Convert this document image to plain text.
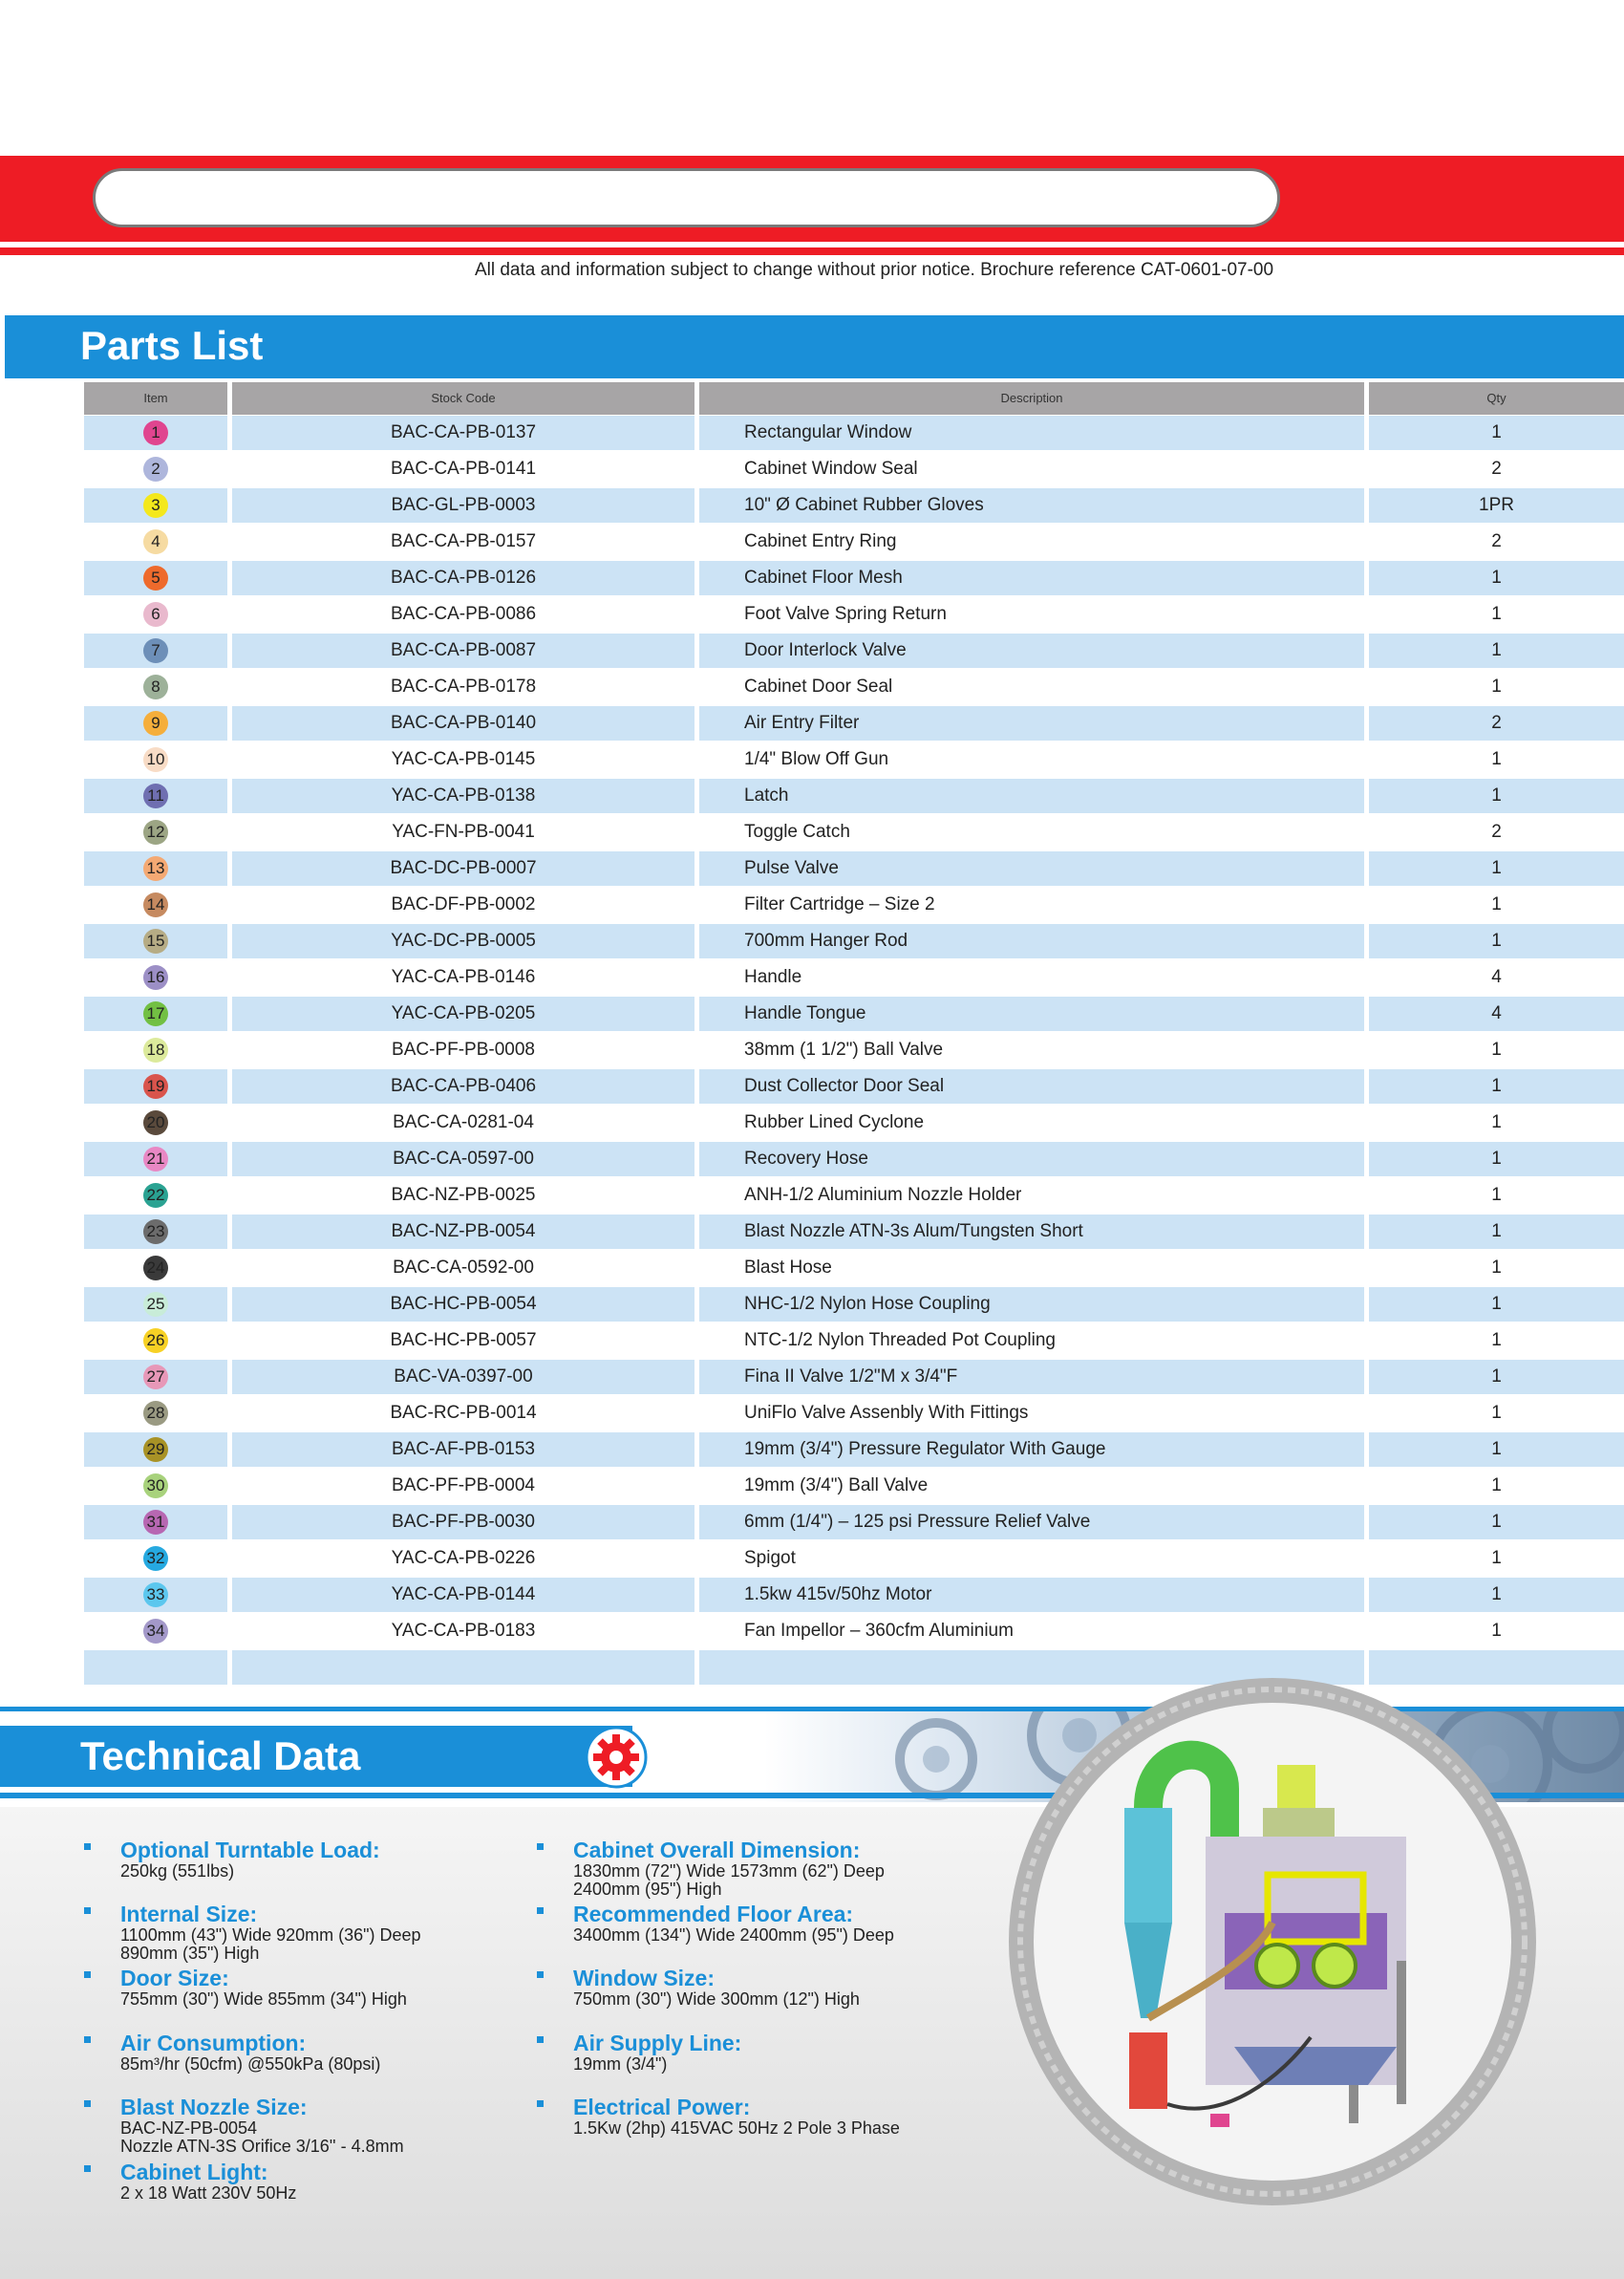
All data and information subject to change without prior notice. Brochure reference CAT-0601-07-00
Parts List
Item	Stock Code	Description	Qty
1	BAC-CA-PB-0137	Rectangular Window	1
2	BAC-CA-PB-0141	Cabinet Window Seal	2
3	BAC-GL-PB-0003	10" Ø Cabinet Rubber Gloves	1PR
4	BAC-CA-PB-0157	Cabinet Entry Ring	2
5	BAC-CA-PB-0126	Cabinet Floor Mesh	1
6	BAC-CA-PB-0086	Foot Valve Spring Return	1
7	BAC-CA-PB-0087	Door Interlock Valve	1
8	BAC-CA-PB-0178	Cabinet Door Seal	1
9	BAC-CA-PB-0140	Air Entry Filter	2
10	YAC-CA-PB-0145	1/4" Blow Off Gun	1
11	YAC-CA-PB-0138	Latch	1
12	YAC-FN-PB-0041	Toggle Catch	2
13	BAC-DC-PB-0007	Pulse Valve	1
14	BAC-DF-PB-0002	Filter Cartridge – Size 2	1
15	YAC-DC-PB-0005	700mm Hanger Rod	1
16	YAC-CA-PB-0146	Handle	4
17	YAC-CA-PB-0205	Handle Tongue	4
18	BAC-PF-PB-0008	38mm (1 1/2") Ball Valve	1
19	BAC-CA-PB-0406	Dust Collector Door Seal	1
20	BAC-CA-0281-04	Rubber Lined Cyclone	1
21	BAC-CA-0597-00	Recovery Hose	1
22	BAC-NZ-PB-0025	ANH-1/2 Aluminium Nozzle Holder	1
23	BAC-NZ-PB-0054	Blast Nozzle ATN-3s Alum/Tungsten Short	1
24	BAC-CA-0592-00	Blast Hose	1
25	BAC-HC-PB-0054	NHC-1/2 Nylon Hose Coupling	1
26	BAC-HC-PB-0057	NTC-1/2 Nylon Threaded Pot Coupling	1
27	BAC-VA-0397-00	Fina II Valve 1/2"M x 3/4"F	1
28	BAC-RC-PB-0014	UniFlo Valve Assenbly With Fittings	1
29	BAC-AF-PB-0153	19mm (3/4") Pressure Regulator With Gauge	1
30	BAC-PF-PB-0004	19mm (3/4") Ball Valve	1
31	BAC-PF-PB-0030	6mm (1/4") – 125 psi Pressure Relief Valve	1
32	YAC-CA-PB-0226	Spigot	1
33	YAC-CA-PB-0144	1.5kw 415v/50hz Motor	1
34	YAC-CA-PB-0183	Fan Impellor – 360cfm Aluminium	1
Technical Data
Optional Turntable Load:
250kg (551lbs)
Internal Size:
1100mm (43") Wide 920mm (36") Deep
890mm (35") High
Door Size:
755mm (30") Wide 855mm (34") High
Air Consumption:
85m³/hr (50cfm) @550kPa (80psi)
Blast Nozzle Size:
BAC-NZ-PB-0054
Nozzle ATN-3S Orifice 3/16'' - 4.8mm
Cabinet Light:
2 x 18 Watt 230V 50Hz
Cabinet Overall Dimension:
1830mm (72") Wide 1573mm (62") Deep
2400mm (95") High
Recommended Floor Area:
3400mm (134") Wide 2400mm (95") Deep
Window Size:
750mm (30") Wide 300mm (12") High
Air Supply Line:
19mm (3/4")
Electrical Power:
1.5Kw (2hp) 415VAC 50Hz 2 Pole 3 Phase
